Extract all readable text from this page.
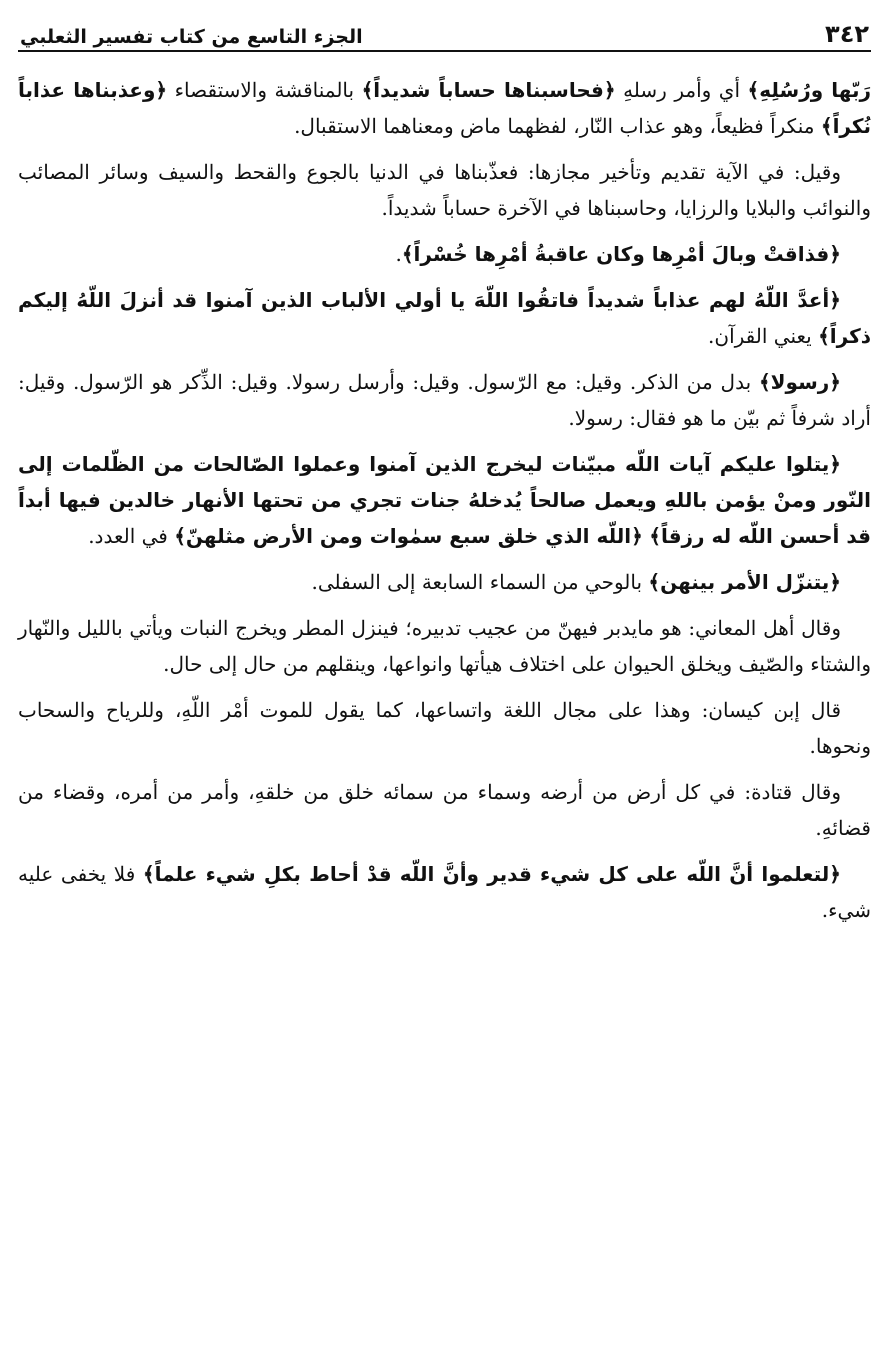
٣٤٢
الجزء التاسع من كتاب تفسير الثعلبي

رَبّها ورُسُلِهِ﴾ أي وأمر رسلهِ ﴿فحاسبناها حساباً شديداً﴾ بالمناقشة والاستقصاء ﴿وعذبناها عذاباً نُكراً﴾ منكراً فظيعاً، وهو عذاب النّار، لفظهما ماض ومعناهما الاستقبال.

وقيل: في الآية تقديم وتأخير مجازها: فعذّبناها في الدنيا بالجوع والقحط والسيف وسائر المصائب والنوائب والبلايا والرزايا، وحاسبناها في الآخرة حساباً شديداً.

﴿فذاقتْ وبالَ أمْرِها وكان عاقبةُ أمْرِها خُسْراً﴾.

﴿أعدَّ اللّهُ لهم عذاباً شديداً فاتقُوا اللّهَ يا أولي الألباب الذين آمنوا قد أنزلَ اللّهُ إليكم ذكراً﴾ يعني القرآن.

﴿رسولا﴾ بدل من الذكر. وقيل: مع الرّسول. وقيل: وأرسل رسولا. وقيل: الذِّكر هو الرّسول. وقيل: أراد شرفاً ثم بيّن ما هو فقال: رسولا.

﴿يتلوا عليكم آيات اللّه مبيّنات ليخرج الذين آمنوا وعملوا الصّالحات من الظّلمات إلى النّور ومنْ يؤمن باللهِ ويعمل صالحاً يُدخلهُ جنات تجري من تحتها الأنهار خالدين فيها أبداً قد أحسن اللّه له رزقاً﴾ ﴿اللّه الذي خلق سبع سمٰوات ومن الأرض مثلهنّ﴾ في العدد.

﴿يتنزّل الأمر بينهن﴾ بالوحي من السماء السابعة إلى السفلى.

وقال أهل المعاني: هو مايدبر فيهنّ من عجيب تدبيره؛ فينزل المطر ويخرج النبات ويأتي بالليل والنّهار والشتاء والصّيف ويخلق الحيوان على اختلاف هيأتها وانواعها، وينقلهم من حال إلى حال.

قال إبن كيسان: وهذا على مجال اللغة واتساعها، كما يقول للموت أمْر اللّهِ، وللرياح والسحاب ونحوها.

وقال قتادة: في كل أرض من أرضه وسماء من سمائه خلق من خلقهِ، وأمر من أمره، وقضاء من قضائهِ.

﴿لتعلموا أنَّ اللّه على كل شيء قدير وأنَّ اللّه قدْ أحاط بكلِ شيء علماً﴾ فلا يخفى عليه شيء.
